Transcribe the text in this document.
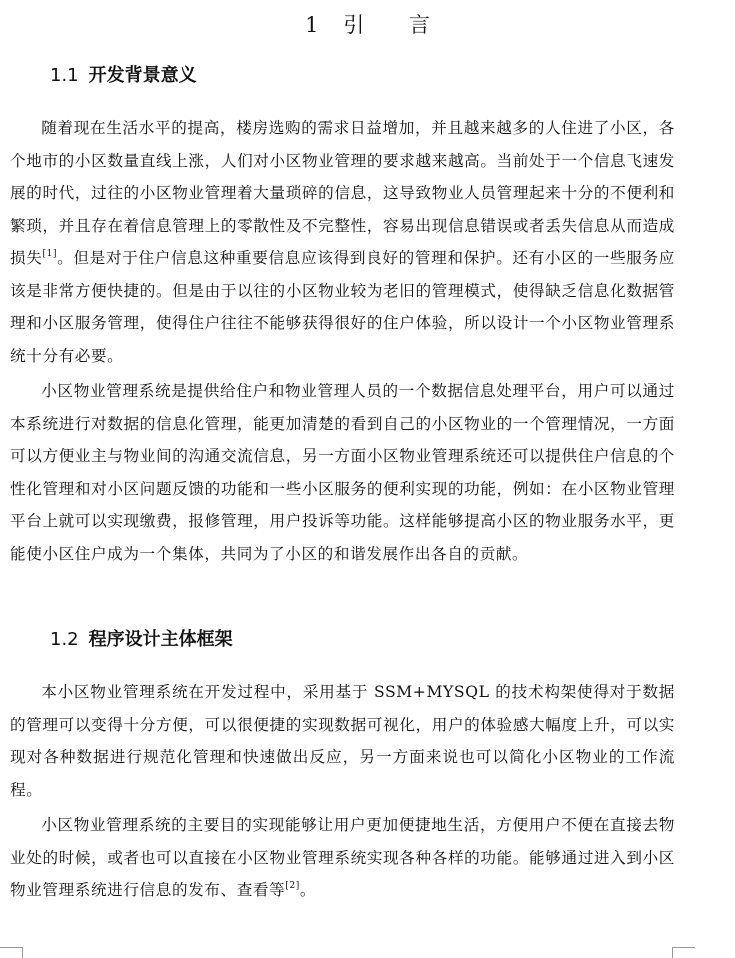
1 引 言
1.1 开发背景意义

随着现在生活水平的提高，楼房选购的需求日益增加，并且越来越多的人住进了小区，各个地市的小区数量直线上涨，人们对小区物业管理的要求越来越高。当前处于一个信息飞速发展的时代，过往的小区物业管理着大量琐碎的信息，这导致物业人员管理起来十分的不便利和繁琐，并且存在着信息管理上的零散性及不完整性，容易出现信息错误或者丢失信息从而造成损失[1]。但是对于住户信息这种重要信息应该得到良好的管理和保护。还有小区的一些服务应该是非常方便快捷的。但是由于以往的小区物业较为老旧的管理模式，使得缺乏信息化数据管理和小区服务管理，使得住户往往不能够获得很好的住户体验，所以设计一个小区物业管理系统十分有必要。

小区物业管理系统是提供给住户和物业管理人员的一个数据信息处理平台，用户可以通过本系统进行对数据的信息化管理，能更加清楚的看到自己的小区物业的一个管理情况，一方面可以方便业主与物业间的沟通交流信息，另一方面小区物业管理系统还可以提供住户信息的个性化管理和对小区问题反馈的功能和一些小区服务的便利实现的功能，例如：在小区物业管理平台上就可以实现缴费，报修管理，用户投诉等功能。这样能够提高小区的物业服务水平，更能使小区住户成为一个集体，共同为了小区的和谐发展作出各自的贡献。

1.2 程序设计主体框架

本小区物业管理系统在开发过程中，采用基于 SSM+MYSQL 的技术构架使得对于数据的管理可以变得十分方便，可以很便捷的实现数据可视化，用户的体验感大幅度上升，可以实现对各种数据进行规范化管理和快速做出反应，另一方面来说也可以简化小区物业的工作流程。

小区物业管理系统的主要目的实现能够让用户更加便捷地生活，方便用户不便在直接去物业处的时候，或者也可以直接在小区物业管理系统实现各种各样的功能。能够通过进入到小区物业管理系统进行信息的发布、查看等[2]。
